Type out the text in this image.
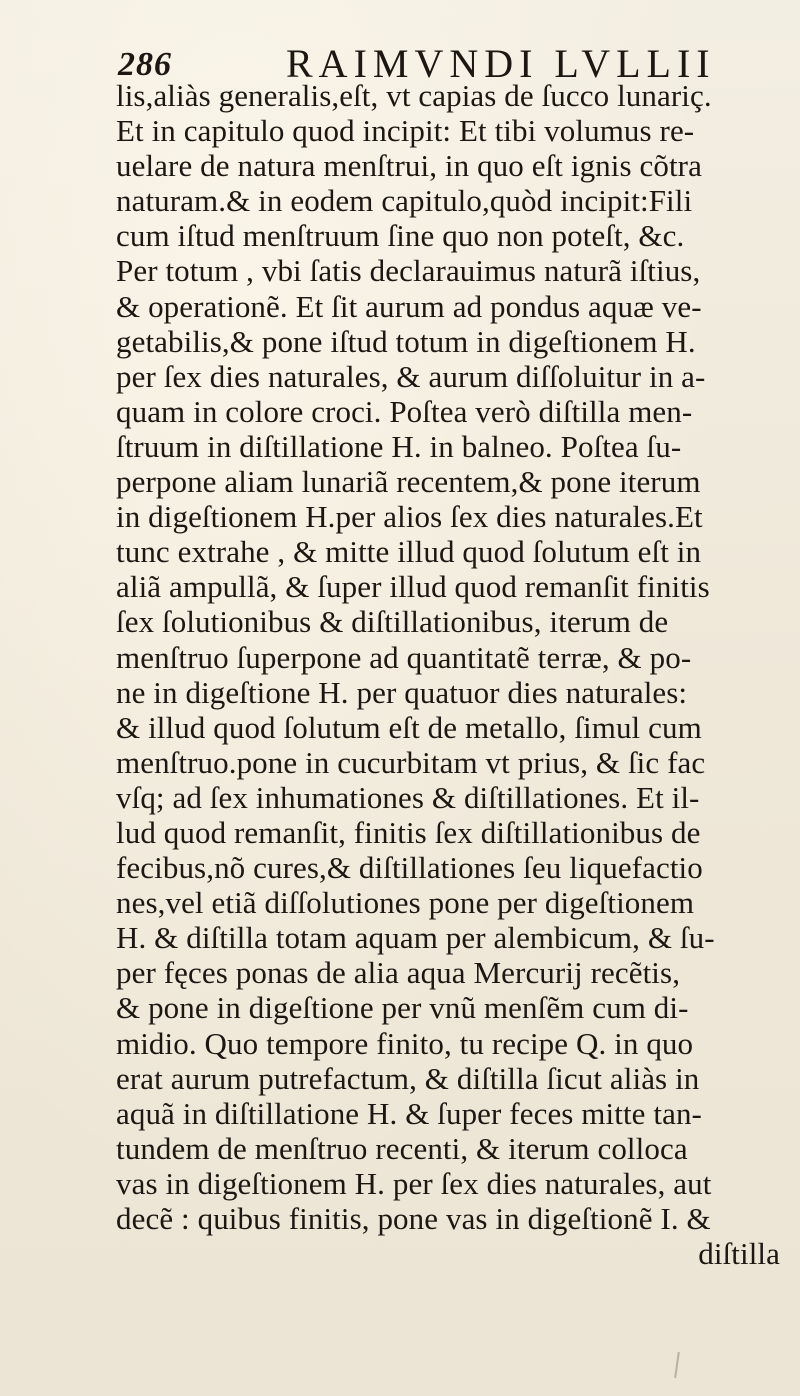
286	RAIMVNDI LVLLII
lis,aliàs generalis,eſt, vt capias de ſucco lunariç.
Et in capitulo quod incipit: Et tibi volumus re-
uelare de natura menſtrui, in quo eſt ignis cõtra
naturam.& in eodem capitulo,quòd incipit:Fili
cum iſtud menſtruum ſine quo non poteſt, &c.
Per totum , vbi ſatis declarauimus naturã iſtius,
& operationẽ. Et ſit aurum ad pondus aquæ ve-
getabilis,& pone iſtud totum in digeſtionem H.
per ſex dies naturales, & aurum diſſoluitur in a-
quam in colore croci. Poſtea verò diſtilla men-
ſtruum in diſtillatione H. in balneo. Poſtea ſu-
perpone aliam lunariã recentem,& pone iterum
in digeſtionem H.per alios ſex dies naturales.Et
tunc extrahe , & mitte illud quod ſolutum eſt in
aliã ampullã, & ſuper illud quod remanſit finitis
ſex ſolutionibus & diſtillationibus, iterum de
menſtruo ſuperpone ad quantitatẽ terræ, & po-
ne in digeſtione H. per quatuor dies naturales:
& illud quod ſolutum eſt de metallo, ſimul cum
menſtruo.pone in cucurbitam vt prius, & ſic fac
vſq; ad ſex inhumationes & diſtillationes. Et il-
lud quod remanſit, finitis ſex diſtillationibus de
fecibus,nõ cures,& diſtillationes ſeu liquefactio
nes,vel etiã diſſolutiones pone per digeſtionem
H. & diſtilla totam aquam per alembicum, & ſu-
per fęces ponas de alia aqua Mercurij recẽtis,
& pone in digeſtione per vnũ menſẽm cum di-
midio. Quo tempore finito, tu recipe Q. in quo
erat aurum putrefactum, & diſtilla ſicut aliàs in
aquã in diſtillatione H. & ſuper feces mitte tan-
tundem de menſtruo recenti, & iterum colloca
vas in digeſtionem H. per ſex dies naturales, aut
decẽ : quibus finitis, pone vas in digeſtionẽ I. &
diſtilla
